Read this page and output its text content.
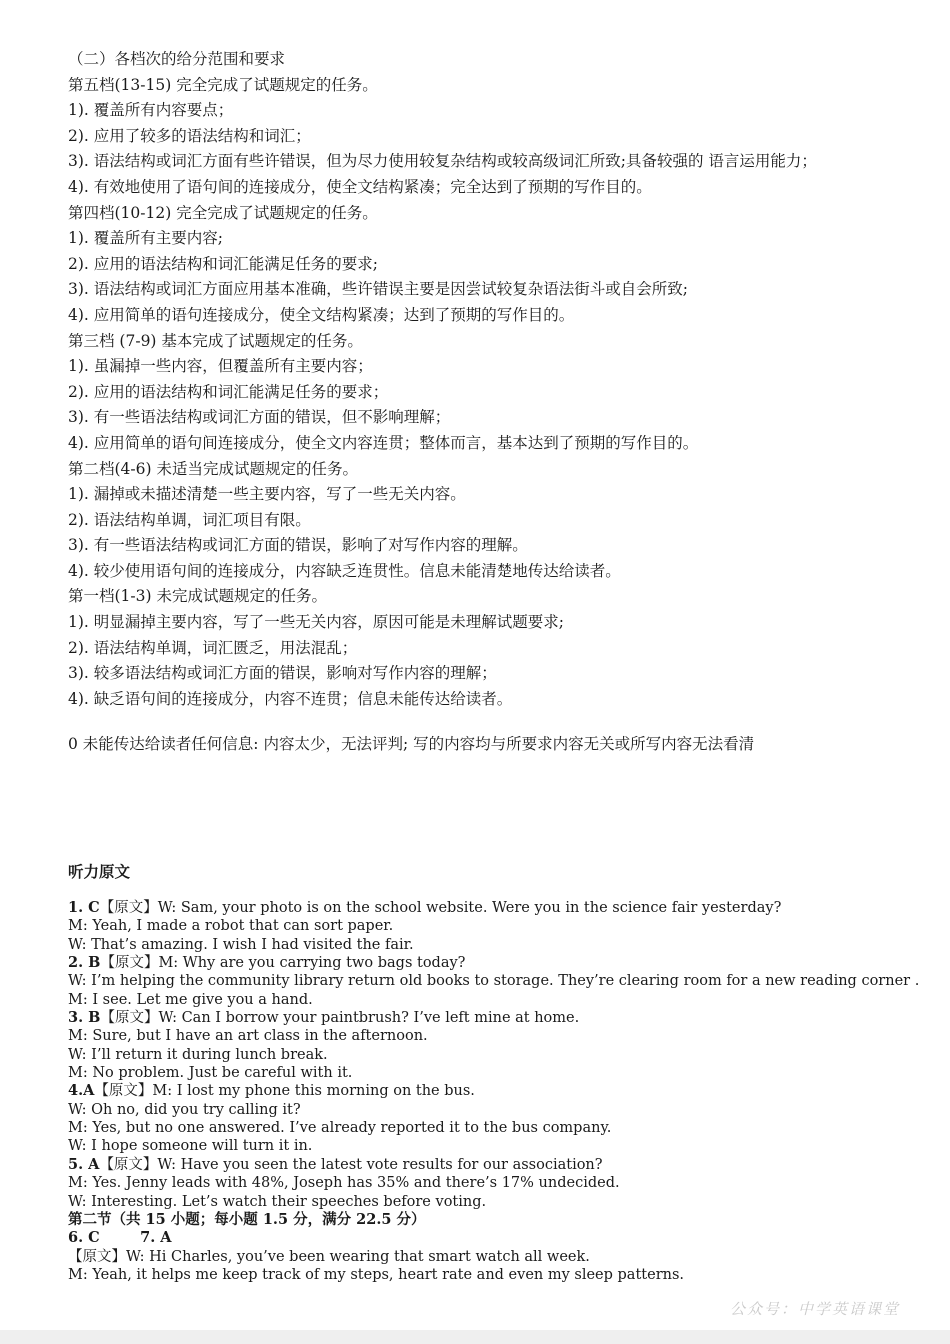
（二）各档次的给分范围和要求
第五档(13-15) 完全完成了试题规定的任务。
1). 覆盖所有内容要点；
2). 应用了较多的语法结构和词汇；
3). 语法结构或词汇方面有些许错误，但为尽力使用较复杂结构或较高级词汇所致;具备较强的 语言运用能力；
4). 有效地使用了语句间的连接成分，使全文结构紧凑；完全达到了预期的写作目的。
第四档(10-12) 完全完成了试题规定的任务。
1). 覆盖所有主要内容;
2). 应用的语法结构和词汇能满足任务的要求;
3). 语法结构或词汇方面应用基本准确，些许错误主要是因尝试较复杂语法街斗或自会所致;
4). 应用简单的语句连接成分，使全文结构紧凑；达到了预期的写作目的。
第三档 (7-9) 基本完成了试题规定的任务。
1). 虽漏掉一些内容，但覆盖所有主要内容；
2). 应用的语法结构和词汇能满足任务的要求；
3). 有一些语法结构或词汇方面的错误，但不影响理解；
4). 应用简单的语句间连接成分，使全文内容连贯；整体而言，基本达到了预期的写作目的。
第二档(4-6) 未适当完成试题规定的任务。
1). 漏掉或未描述清楚一些主要内容，写了一些无关内容。
2). 语法结构单调，词汇项目有限。
3). 有一些语法结构或词汇方面的错误，影响了对写作内容的理解。
4). 较少使用语句间的连接成分，内容缺乏连贯性。信息未能清楚地传达给读者。
第一档(1-3) 未完成试题规定的任务。
1). 明显漏掉主要内容，写了一些无关内容，原因可能是未理解试题要求;
2). 语法结构单调，词汇匮乏，用法混乱；
3). 较多语法结构或词汇方面的错误，影响对写作内容的理解；
4). 缺乏语句间的连接成分，内容不连贯；信息未能传达给读者。
0 未能传达给读者任何信息: 内容太少，无法评判; 写的内容均与所要求内容无关或所写内容无法看清
听力原文
1. C【原文】W: Sam, your photo is on the school website. Were you in the science fair yesterday?
M: Yeah, I made a robot that can sort paper.
W: That’s amazing. I wish I had visited the fair.
2. B【原文】M: Why are you carrying two bags today?
W: I’m helping the community library return old books to storage. They’re clearing room for a new reading corner .
M: I see. Let me give you a hand.
3. B【原文】W: Can I borrow your paintbrush? I’ve left mine at home.
M: Sure, but I have an art class in the afternoon.
W: I’ll return it during lunch break.
M: No problem. Just be careful with it.
4.A【原文】M: I lost my phone this morning on the bus.
W: Oh no, did you try calling it?
M: Yes, but no one answered. I’ve already reported it to the bus company.
W: I hope someone will turn it in.
5. A【原文】W: Have you seen the latest vote results for our association?
M: Yes. Jenny leads with 48%, Joseph has 35% and there’s 17% undecided.
W: Interesting. Let’s watch their speeches before voting.
第二节（共 15 小题；每小题 1.5 分，满分 22.5 分）
6. C        7. A
【原文】W: Hi Charles, you’ve been wearing that smart watch all week.
M: Yeah, it helps me keep track of my steps, heart rate and even my sleep patterns.
公众号：中学英语课堂
